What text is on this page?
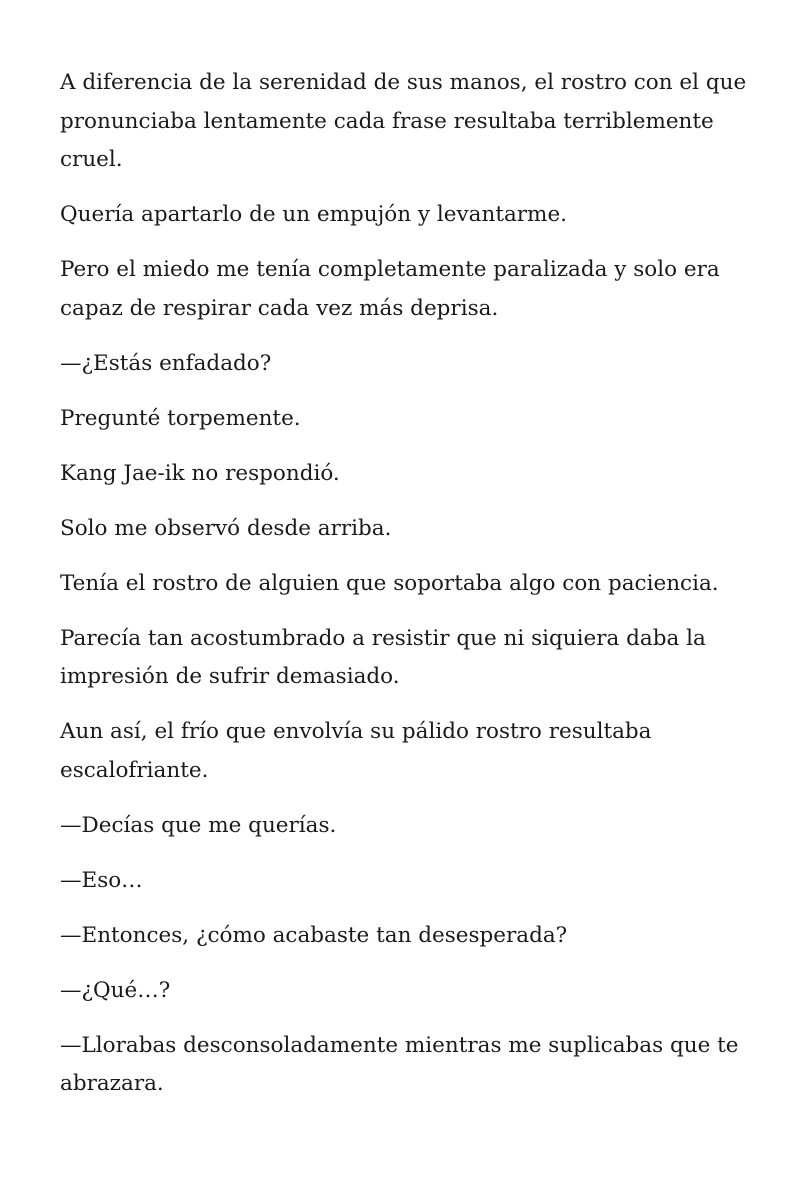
A diferencia de la serenidad de sus manos, el rostro con el que pronunciaba lentamente cada frase resultaba terriblemente cruel.

Quería apartarlo de un empujón y levantarme.

Pero el miedo me tenía completamente paralizada y solo era capaz de respirar cada vez más deprisa.

—¿Estás enfadado?

Pregunté torpemente.

Kang Jae-ik no respondió.

Solo me observó desde arriba.

Tenía el rostro de alguien que soportaba algo con paciencia.

Parecía tan acostumbrado a resistir que ni siquiera daba la impresión de sufrir demasiado.

Aun así, el frío que envolvía su pálido rostro resultaba escalofriante.

—Decías que me querías.

—Eso…

—Entonces, ¿cómo acabaste tan desesperada?

—¿Qué…?

—Llorabas desconsoladamente mientras me suplicabas que te abrazara.
